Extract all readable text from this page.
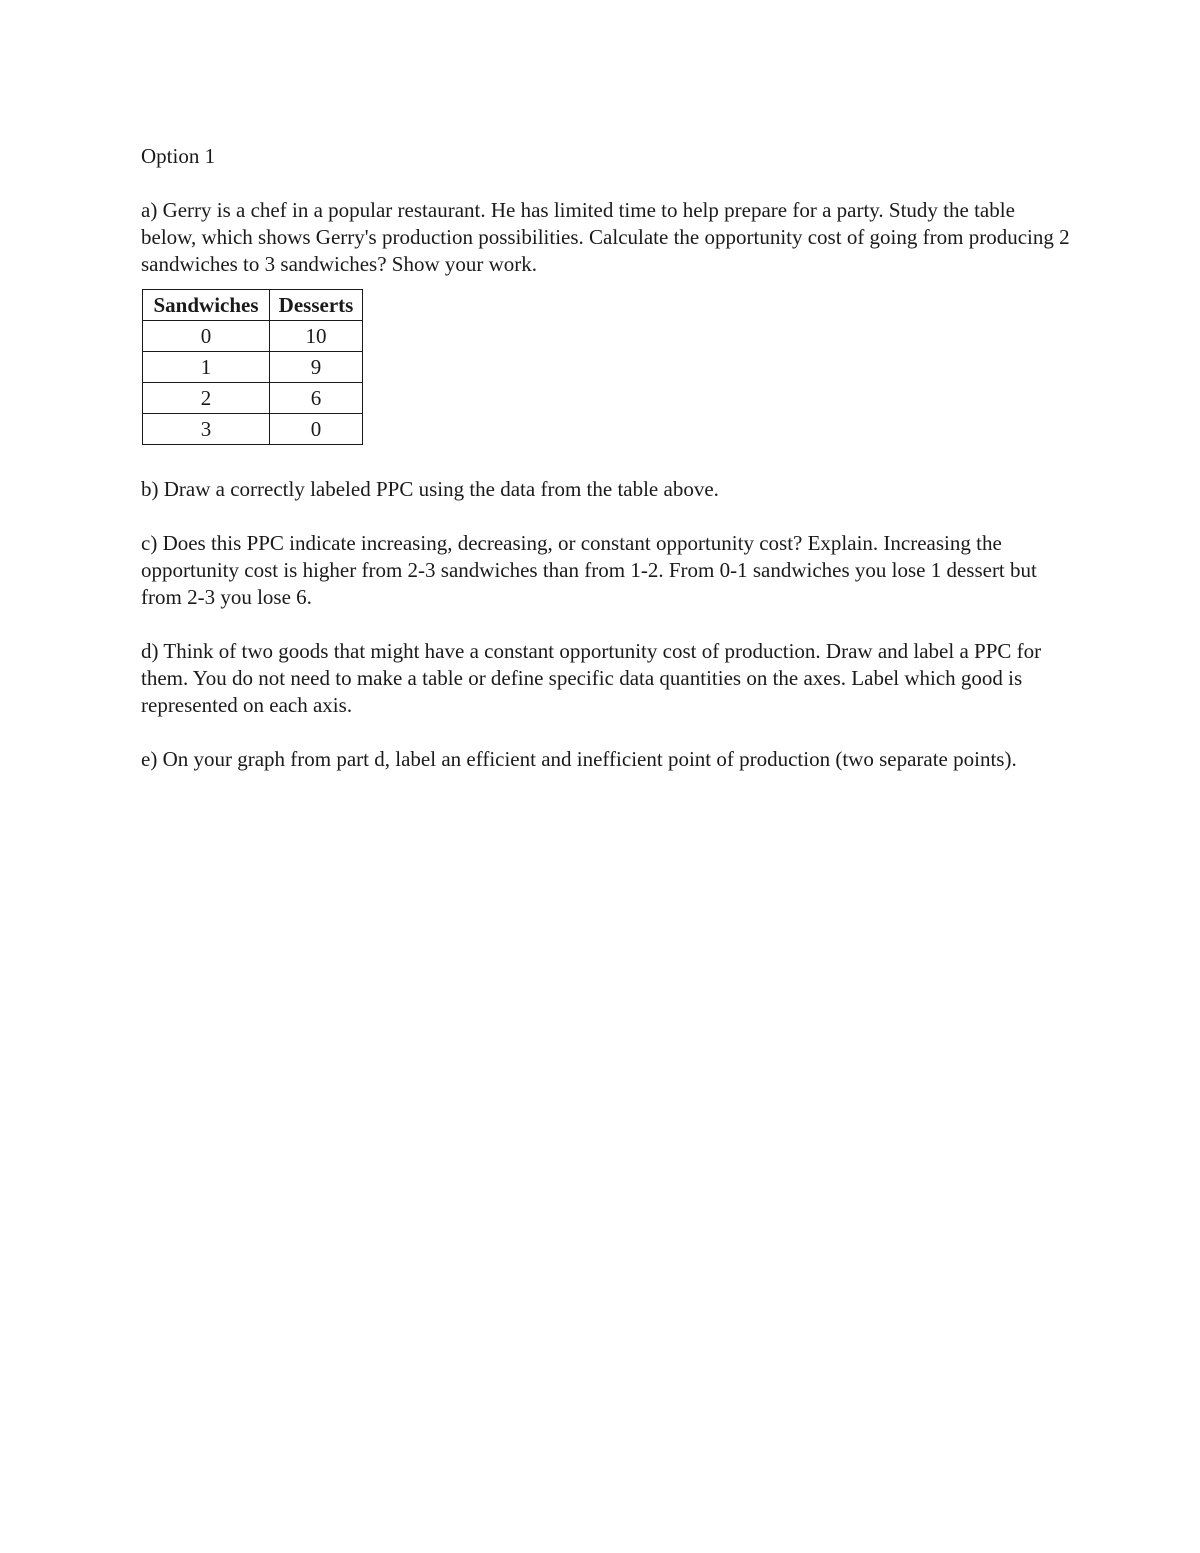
Option 1
a) Gerry is a chef in a popular restaurant. He has limited time to help prepare for a party. Study the table below, which shows Gerry's production possibilities. Calculate the opportunity cost of going from producing 2 sandwiches to 3 sandwiches? Show your work.
Sandwiches	Desserts
0	10
1	9
2	6
3	0
b) Draw a correctly labeled PPC using the data from the table above.
c) Does this PPC indicate increasing, decreasing, or constant opportunity cost? Explain. Increasing the opportunity cost is higher from 2-3 sandwiches than from 1-2. From 0-1 sandwiches you lose 1 dessert but from 2-3 you lose 6.
d) Think of two goods that might have a constant opportunity cost of production. Draw and label a PPC for them. You do not need to make a table or define specific data quantities on the axes. Label which good is represented on each axis.
e) On your graph from part d, label an efficient and inefficient point of production (two separate points).
